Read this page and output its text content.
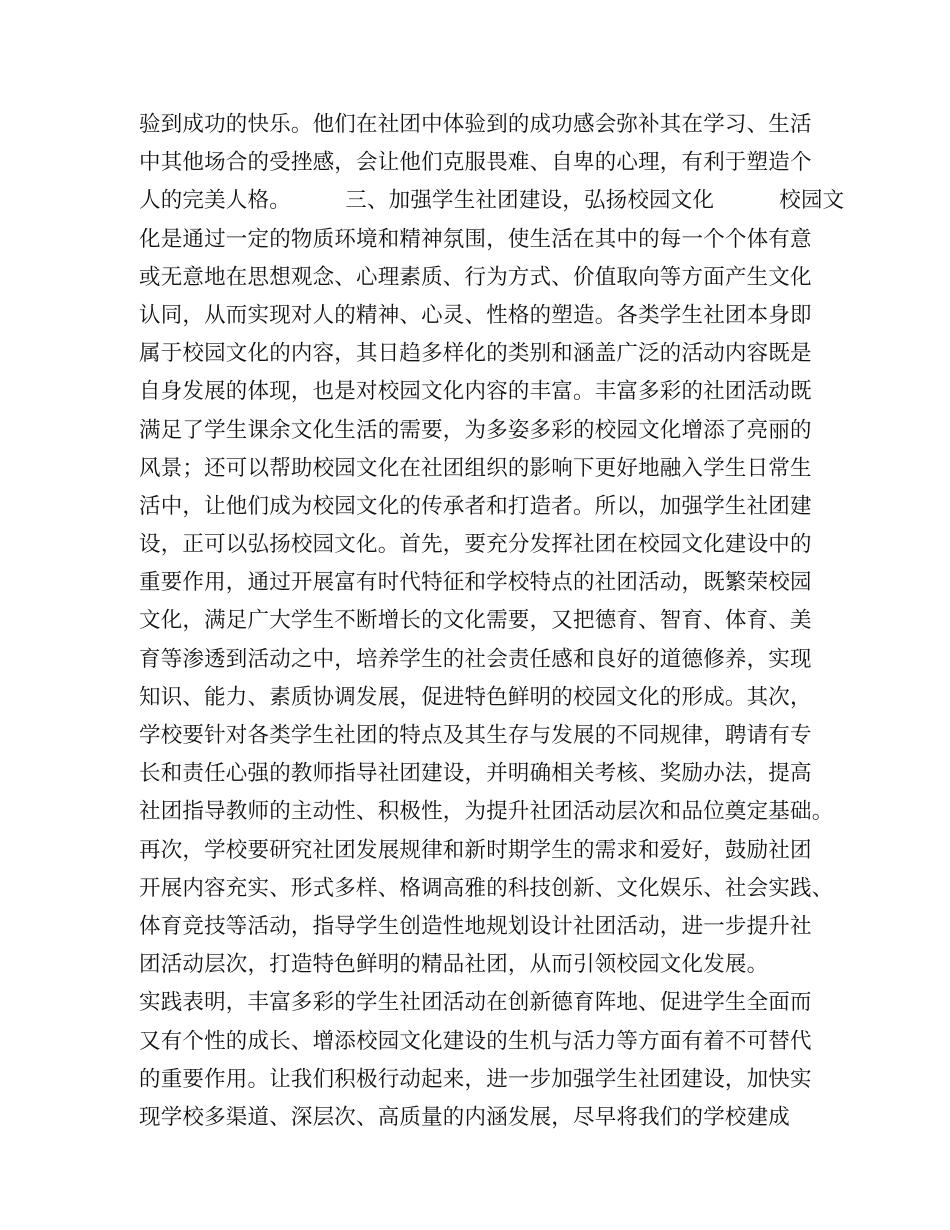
验到成功的快乐。他们在社团中体验到的成功感会弥补其在学习、生活
中其他场合的受挫感，会让他们克服畏难、自卑的心理，有利于塑造个
人的完美人格。　　　三、加强学生社团建设，弘扬校园文化　　　校园文
化是通过一定的物质环境和精神氛围，使生活在其中的每一个个体有意
或无意地在思想观念、心理素质、行为方式、价值取向等方面产生文化
认同，从而实现对人的精神、心灵、性格的塑造。各类学生社团本身即
属于校园文化的内容，其日趋多样化的类别和涵盖广泛的活动内容既是
自身发展的体现，也是对校园文化内容的丰富。丰富多彩的社团活动既
满足了学生课余文化生活的需要，为多姿多彩的校园文化增添了亮丽的
风景；还可以帮助校园文化在社团组织的影响下更好地融入学生日常生
活中，让他们成为校园文化的传承者和打造者。所以，加强学生社团建
设，正可以弘扬校园文化。首先，要充分发挥社团在校园文化建设中的
重要作用，通过开展富有时代特征和学校特点的社团活动，既繁荣校园
文化，满足广大学生不断增长的文化需要，又把德育、智育、体育、美
育等渗透到活动之中，培养学生的社会责任感和良好的道德修养，实现
知识、能力、素质协调发展，促进特色鲜明的校园文化的形成。其次，
学校要针对各类学生社团的特点及其生存与发展的不同规律，聘请有专
长和责任心强的教师指导社团建设，并明确相关考核、奖励办法，提高
社团指导教师的主动性、积极性，为提升社团活动层次和品位奠定基础。
再次，学校要研究社团发展规律和新时期学生的需求和爱好，鼓励社团
开展内容充实、形式多样、格调高雅的科技创新、文化娱乐、社会实践、
体育竞技等活动，指导学生创造性地规划设计社团活动，进一步提升社
团活动层次，打造特色鲜明的精品社团，从而引领校园文化发展。
实践表明，丰富多彩的学生社团活动在创新德育阵地、促进学生全面而
又有个性的成长、增添校园文化建设的生机与活力等方面有着不可替代
的重要作用。让我们积极行动起来，进一步加强学生社团建设，加快实
现学校多渠道、深层次、高质量的内涵发展，尽早将我们的学校建成
